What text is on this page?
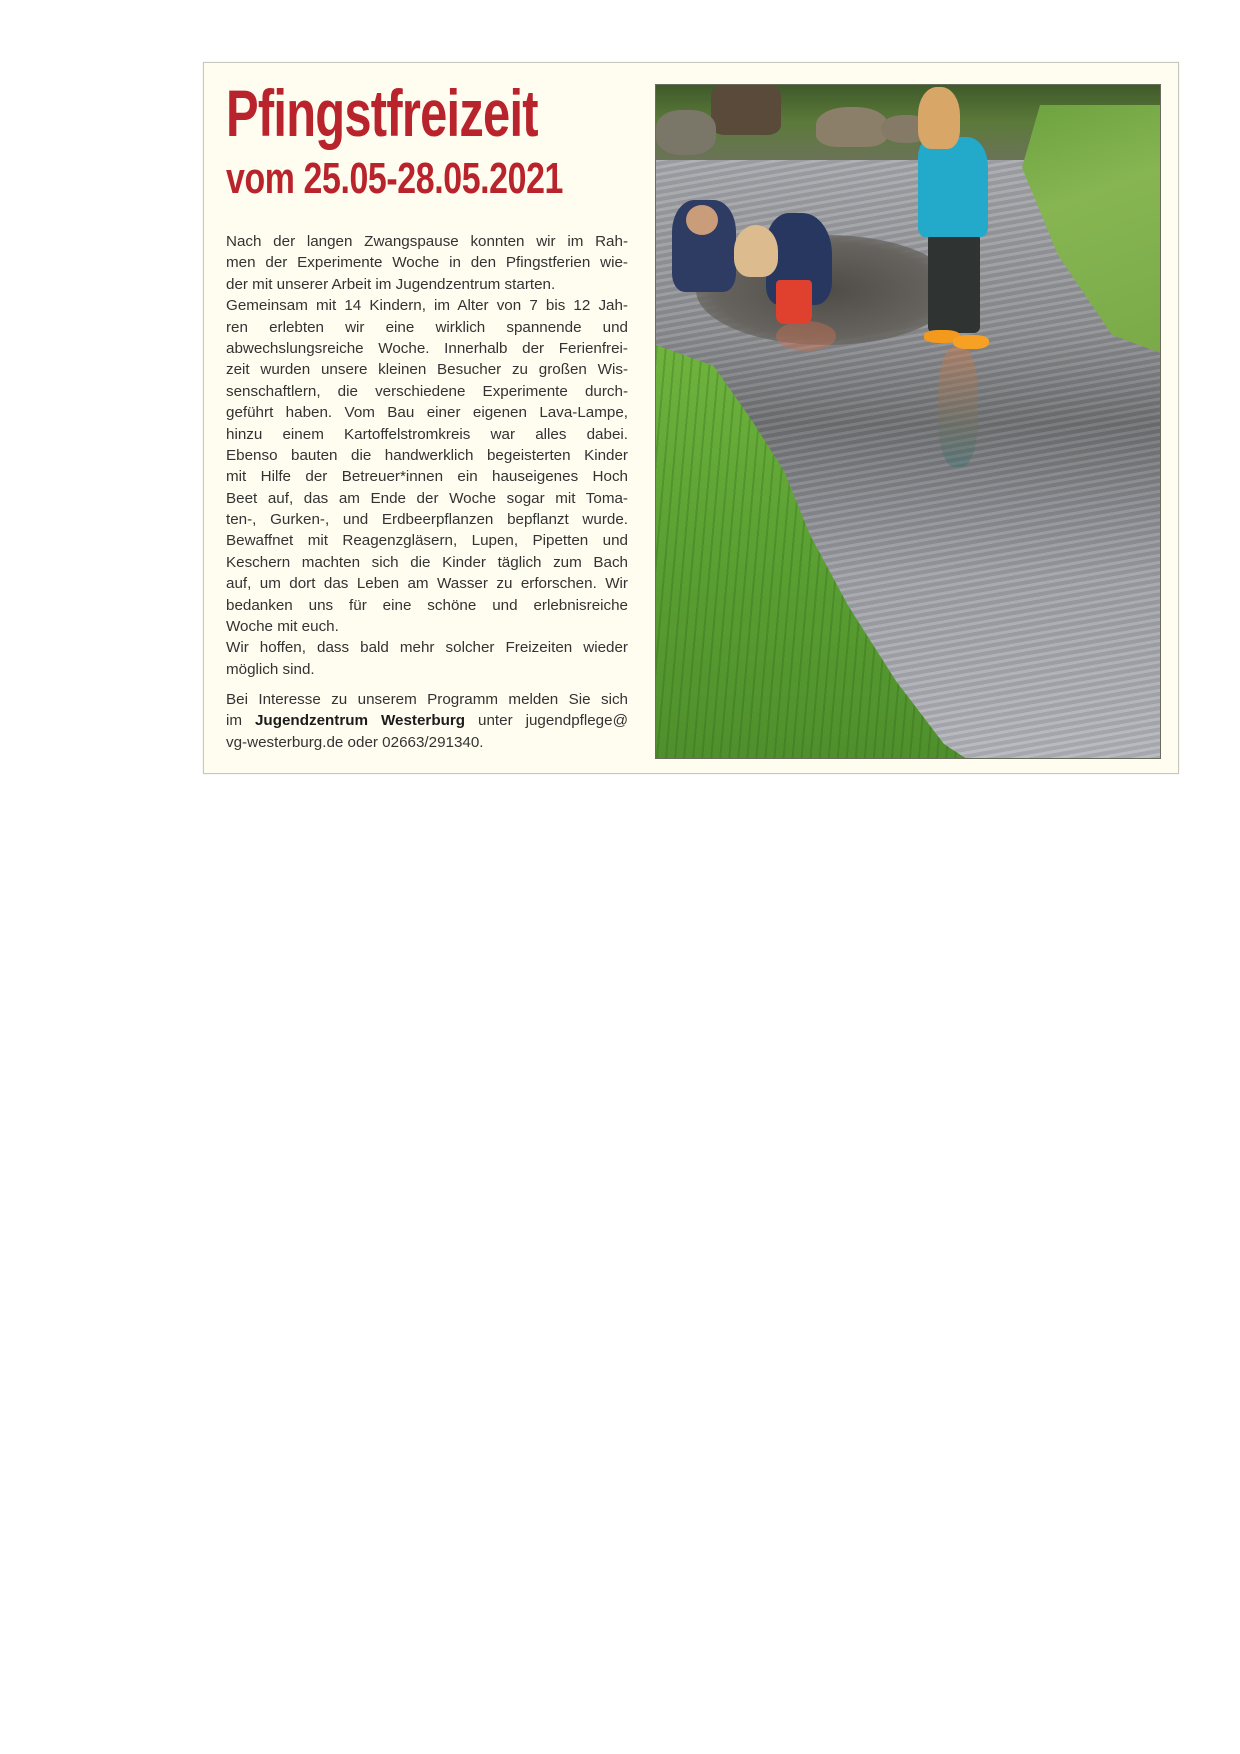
Pfingstfreizeit
vom 25.05-28.05.2021
Nach der langen Zwangspause konnten wir im Rah-
men der Experimente Woche in den Pfingstferien wie-
der mit unserer Arbeit im Jugendzentrum starten.
Gemeinsam mit 14 Kindern, im Alter von 7 bis 12 Jah-
ren erlebten wir eine wirklich spannende und
abwechslungsreiche Woche. Innerhalb der Ferienfrei-
zeit wurden unsere kleinen Besucher zu großen Wis-
senschaftlern, die verschiedene Experimente durch-
geführt haben. Vom Bau einer eigenen Lava-Lampe,
hinzu einem Kartoffelstromkreis war alles dabei.
Ebenso bauten die handwerklich begeisterten Kinder
mit Hilfe der Betreuer*innen ein hauseigenes Hoch
Beet auf, das am Ende der Woche sogar mit Toma-
ten-, Gurken-, und Erdbeerpflanzen bepflanzt wurde.
Bewaffnet mit Reagenzgläsern, Lupen, Pipetten und
Keschern machten sich die Kinder täglich zum Bach
auf, um dort das Leben am Wasser zu erforschen. Wir
bedanken uns für eine schöne und erlebnisreiche
Woche mit euch.
Wir hoffen, dass bald mehr solcher Freizeiten wieder
möglich sind.
Bei Interesse zu unserem Programm melden Sie sich
im Jugendzentrum Westerburg unter jugendpflege@
vg-westerburg.de oder 02663/291340.
